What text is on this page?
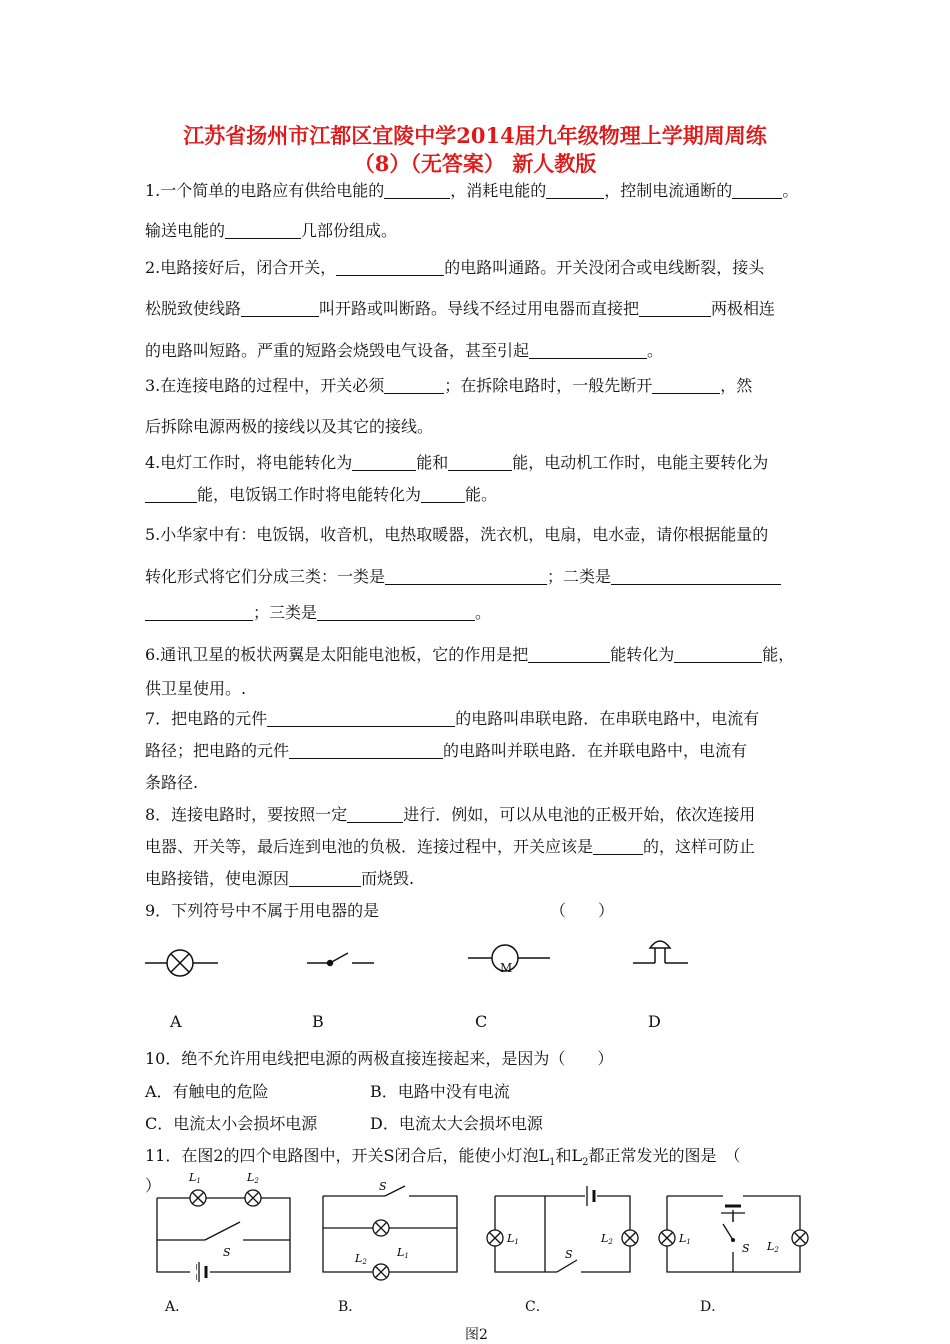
江苏省扬州市江都区宜陵中学2014届九年级物理上学期周周练
（8）（无答案） 新人教版
1.一个简单的电路应有供给电能的	，消耗电能的	，控制电流通断的	。
输送电能的	几部份组成。
2.电路接好后，闭合开关，	的电路叫通路。开关没闭合或电线断裂，接头
松脱致使线路	叫开路或叫断路。导线不经过用电器而直接把	两极相连
的电路叫短路。严重的短路会烧毁电气设备，甚至引起	。
3.在连接电路的过程中，开关必须	；在拆除电路时，一般先断开	，然
后拆除电源两极的接线以及其它的接线。
4.电灯工作时，将电能转化为	能和	能，电动机工作时，电能主要转化为
能，电饭锅工作时将电能转化为	能。
5.小华家中有：电饭锅，收音机，电热取暖器，洗衣机，电扇，电水壶，请你根据能量的
转化形式将它们分成三类：一类是	；二类是
；三类是	。
6.通讯卫星的板状两翼是太阳能电池板，它的作用是把	能转化为	能，
供卫星使用。.
7．把电路的元件	的电路叫串联电路．在串联电路中，电流有
路径；把电路的元件	的电路叫并联电路．在并联电路中，电流有
条路径.
8．连接电路时，要按照一定	进行．例如，可以从电池的正极开始，依次连接用
电器、开关等，最后连到电池的负极．连接过程中，开关应该是	的，这样可防止
电路接错，使电源因	而烧毁.
9．下列符号中不属于用电器的是	（　　）
M
A	B	C	D
10．绝不允许用电线把电源的两极直接连接起来，是因为（　　）
A．有触电的危险	B．电路中没有电流
C．电流太小会损坏电源	D．电流太大会损坏电源
11．在图2的四个电路图中，开关S闭合后，能使小灯泡$L_1$和$L_2$都正常发光的图是　（
）	L1	L2
S
S
L2
L1
L1	L2
S
L1	S L2
A．	B．	C．	D．
图2
